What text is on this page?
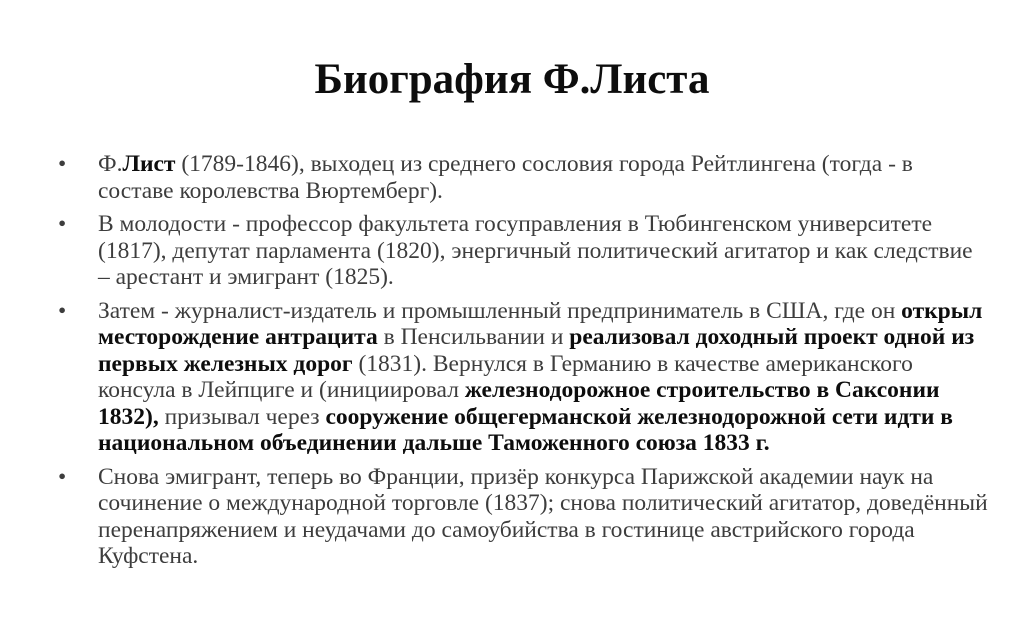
Биография Ф.Листа
•	Ф.Лист (1789-1846), выходец из среднего сословия города Рейтлингена (тогда - в составе королевства Вюртемберг).
•	В молодости - профессор факультета госуправления в Тюбингенском университете (1817), депутат парламента (1820), энергичный политический агитатор и как следствие – арестант и эмигрант (1825).
•	Затем - журналист-издатель и промышленный предприниматель в США, где он открыл месторождение антрацита в Пенсильвании и реализовал доходный проект одной из первых железных дорог (1831). Вернулся в Германию в качестве американского консула в Лейпциге и (инициировал железнодорожное строительство в Саксонии 1832), призывал через сооружение общегерманской железнодорожной сети идти в национальном объединении дальше Таможенного союза 1833 г.
•	Снова эмигрант, теперь во Франции, призёр конкурса Парижской академии наук на сочинение о международной торговле (1837); снова политический агитатор, доведённый перенапряжением и неудачами до самоубийства в гостинице австрийского города Куфстена.
